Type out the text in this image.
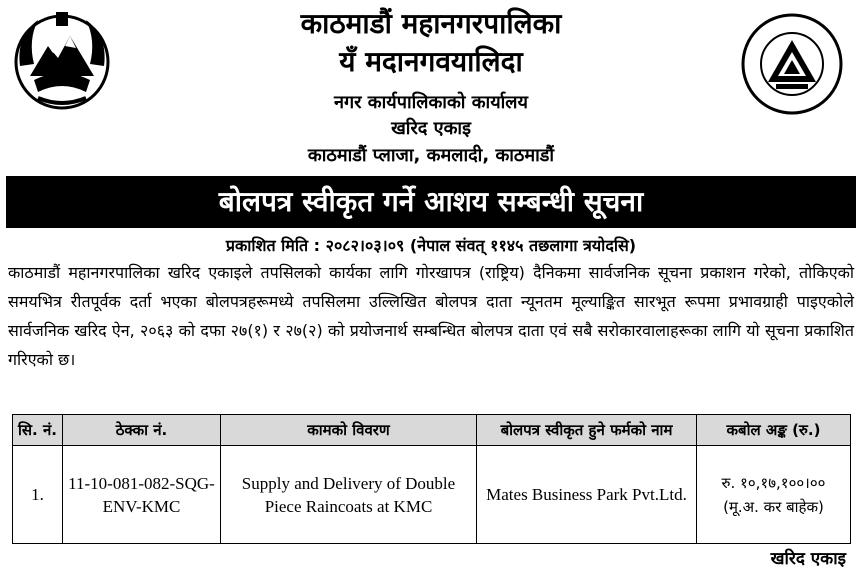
काठमाडौं महानगरपालिका
यँ मदानगवयालिदा
नगर कार्यपालिकाको कार्यालय
खरिद एकाइ
काठमाडौं प्लाजा, कमलादी, काठमाडौं
बोलपत्र स्वीकृत गर्ने आशय सम्बन्धी सूचना
प्रकाशित मिति : २०८२।०३।०९ (नेपाल संवत् ११४५ तछलागा त्रयोदसि)
काठमाडौं महानगरपालिका खरिद एकाइले तपसिलको कार्यका लागि गोरखापत्र (राष्ट्रिय) दैनिकमा सार्वजनिक सूचना प्रकाशन गरेको, तोकिएको समयभित्र रीतपूर्वक दर्ता भएका बोलपत्रहरूमध्ये तपसिलमा उल्लिखित बोलपत्र दाता न्यूनतम मूल्याङ्कित सारभूत रूपमा प्रभावग्राही पाइएकोले सार्वजनिक खरिद ऐन, २०६३ को दफा २७(१) र २७(२) को प्रयोजनार्थ सम्बन्धित बोलपत्र दाता एवं सबै सरोकारवालाहरूका लागि यो सूचना प्रकाशित गरिएको छ।
सि. नं.	ठेक्का नं.	कामको विवरण	बोलपत्र स्वीकृत हुने फर्मको नाम	कबोल अङ्क (रु.)
1.	11-10-081-082-SQG-ENV-KMC	Supply and Delivery of Double Piece Raincoats at KMC	Mates Business Park Pvt.Ltd.	रु. १०,१७,१००।००
(मू.अ. कर बाहेक)
खरिद एकाइ
